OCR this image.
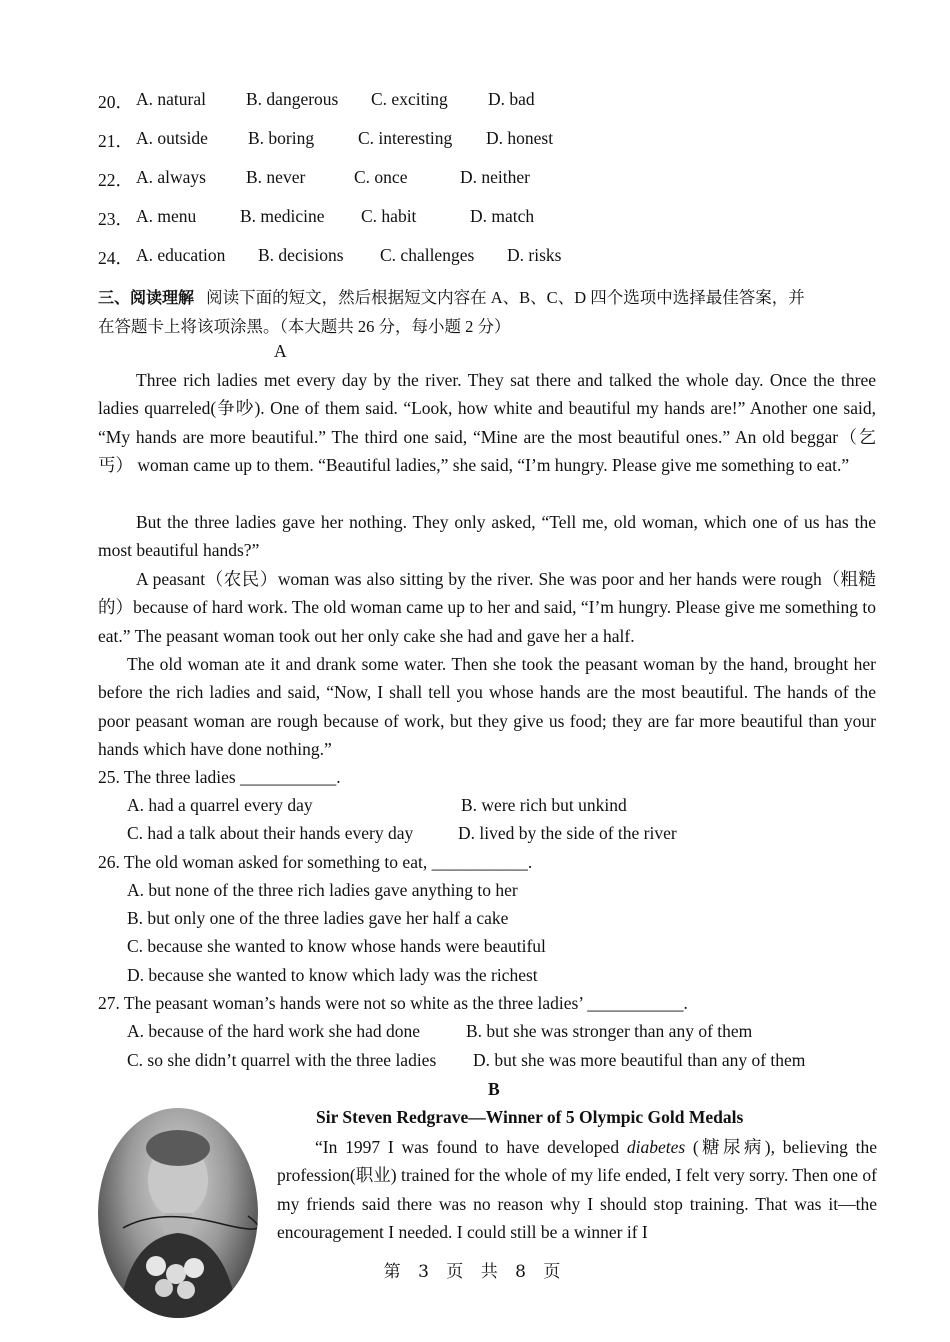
20． A. natural B. dangerous C. exciting D. bad
21． A. outside B. boring	C. interesting D. honest
22． A. always B. never	C. once	D. neither
23． A. menu B. medicine C. habit	D. match
24． A. education B. decisions C. challenges D. risks
三、阅读理解 阅读下面的短文，然后根据短文内容在 A、B、C、D 四个选项中选择最佳答案，并
在答题卡上将该项涂黑。（本大题共 26 分，每小题 2 分）
A

Three rich ladies met every day by the river. They sat there and talked the whole day. Once the three ladies quarreled(争吵). One of them said. “Look, how white and beautiful my hands are!” Another one said, “My hands are more beautiful.” The third one said, “Mine are the most beautiful ones.” An old beggar（乞丐） woman came up to them. “Beautiful ladies,” she said, “I’m hungry. Please give me something to eat.”

But the three ladies gave her nothing. They only asked, “Tell me, old woman, which one of us has the most beautiful hands?”

A peasant（农民）woman was also sitting by the river. She was poor and her hands were rough（粗糙的）because of hard work. The old woman came up to her and said, “I’m hungry. Please give me something to eat.” The peasant woman took out her only cake she had and gave her a half.

The old woman ate it and drank some water. Then she took the peasant woman by the hand, brought her before the rich ladies and said, “Now, I shall tell you whose hands are the most beautiful. The hands of the poor peasant woman are rough because of work, but they give us food; they are far more beautiful than your hands which have done nothing.”

25. The three ladies ___________.
A. had a quarrel every day	B. were rich but unkind
C. had a talk about their hands every day	D. lived by the side of the river
26. The old woman asked for something to eat, ___________.
A. but none of the three rich ladies gave anything to her
B. but only one of the three ladies gave her half a cake
C. because she wanted to know whose hands were beautiful
D. because she wanted to know which lady was the richest
27. The peasant woman’s hands were not so white as the three ladies’ ___________.
A. because of the hard work she had done	B. but she was stronger than any of them
C. so she didn’t quarrel with the three ladies D. but she was more beautiful than any of them
B
Sir Steven Redgrave—Winner of 5 Olympic Gold Medals

“In 1997 I was found to have developed diabetes (糖尿病), believing the profession(职业) trained for the whole of my life ended, I felt very sorry. Then one of my friends said there was no reason why I should stop training. That was it—the encouragement I needed. I could still be a winner if I

第 3 页 共 8 页
